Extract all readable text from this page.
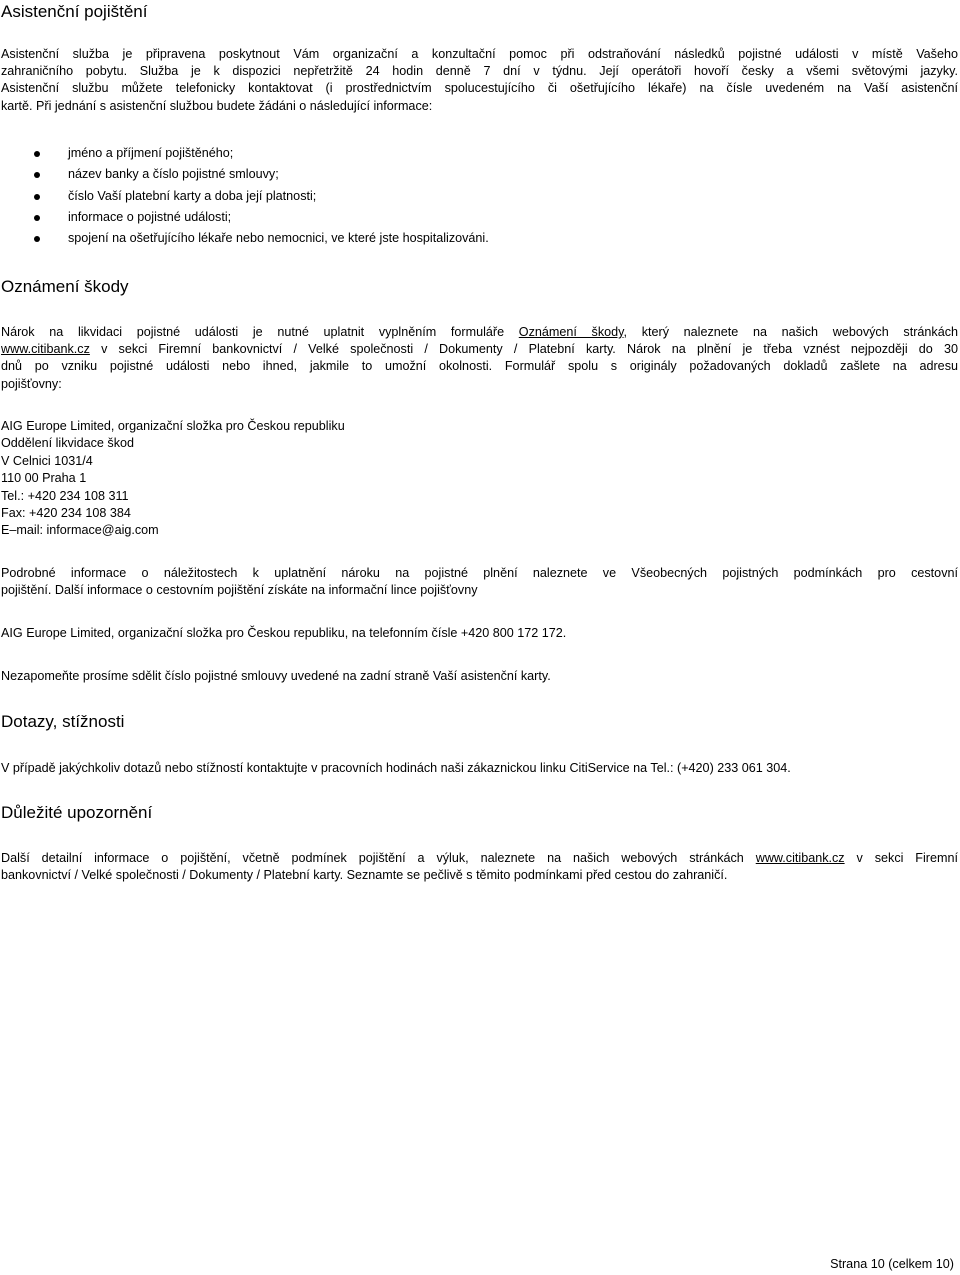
Asistenční pojištění
Asistenční služba je připravena poskytnout Vám organizační a konzultační pomoc při odstraňování následků pojistné události v místě Vašeho
zahraničního pobytu. Služba je k dispozici nepřetržitě 24 hodin denně 7 dní v týdnu. Její operátoři hovoří česky a všemi světovými jazyky.
Asistenční službu můžete telefonicky kontaktovat (i prostřednictvím spolucestujícího či ošetřujícího lékaře) na čísle uvedeném na Vaší asistenční
kartě. Při jednání s asistenční službou budete žádáni o následující informace:
jméno a příjmení pojištěného;
název banky a číslo pojistné smlouvy;
číslo Vaší platební karty a doba její platnosti;
informace o pojistné události;
spojení na ošetřujícího lékaře nebo nemocnici, ve které jste hospitalizováni.
Oznámení škody
Nárok na likvidaci pojistné události je nutné uplatnit vyplněním formuláře Oznámení škody, který naleznete na našich webových stránkách
www.citibank.cz v sekci Firemní bankovnictví / Velké společnosti / Dokumenty / Platební karty. Nárok na plnění je třeba vznést nejpozději do 30
dnů po vzniku pojistné události nebo ihned, jakmile to umožní okolnosti. Formulář spolu s originály požadovaných dokladů zašlete na adresu
pojišťovny:
AIG Europe Limited, organizační složka pro Českou republiku
Oddělení likvidace škod
V Celnici 1031/4
110 00 Praha 1
Tel.: +420 234 108 311
Fax: +420 234 108 384
E–mail: informace@aig.com
Podrobné informace o náležitostech k uplatnění nároku na pojistné plnění naleznete ve Všeobecných pojistných podmínkách pro cestovní
pojištění. Další informace o cestovním pojištění získáte na informační lince pojišťovny
AIG Europe Limited, organizační složka pro Českou republiku, na telefonním čísle +420 800 172 172.
Nezapomeňte prosíme sdělit číslo pojistné smlouvy uvedené na zadní straně Vaší asistenční karty.
Dotazy, stížnosti
V případě jakýchkoliv dotazů nebo stížností kontaktujte v pracovních hodinách naši zákaznickou linku CitiService na Tel.: (+420) 233 061 304.
Důležité upozornění
Další detailní informace o pojištění, včetně podmínek pojištění a výluk, naleznete na našich webových stránkách www.citibank.cz v sekci Firemní
bankovnictví / Velké společnosti / Dokumenty / Platební karty. Seznamte se pečlivě s těmito podmínkami před cestou do zahraničí.
Strana 10 (celkem 10)
